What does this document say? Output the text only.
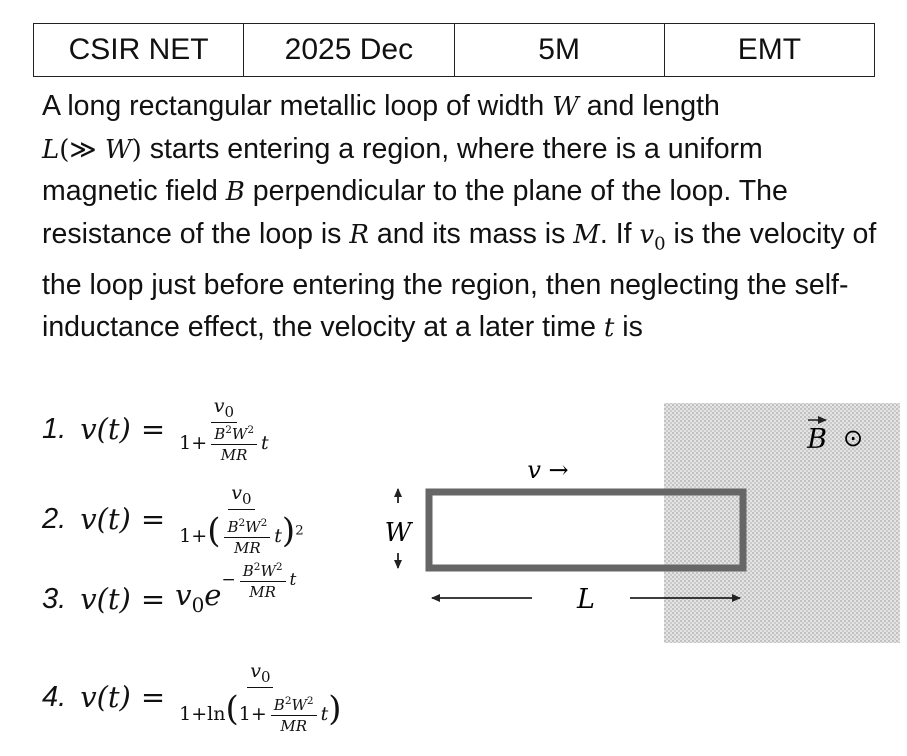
CSIR NET	2025 Dec	5M	EMT
A long rectangular metallic loop of width W and length
L(≫ W) starts entering a region, where there is a uniform magnetic field B perpendicular to the plane of the loop. The resistance of the loop is R and its mass is M. If $v_0$ is the velocity of the loop just before entering the region, then neglecting the self-inductance effect, the velocity at a later time t is
1. $v(t) = \frac{v_0}{1+ \frac{B^2W^2}{MR} t}$
2. $v(t) = \frac{v_0}{1+( \frac{B^2W^2}{MR} t)^2}$
3. $v(t) = v_0e^{- \frac{B^2W^2}{MR} t}$
4. $v(t) = \frac{v_0}{1+\ln(1+ \frac{B^2W^2}{MR} t)}$
W
v →
L
B ⊙
